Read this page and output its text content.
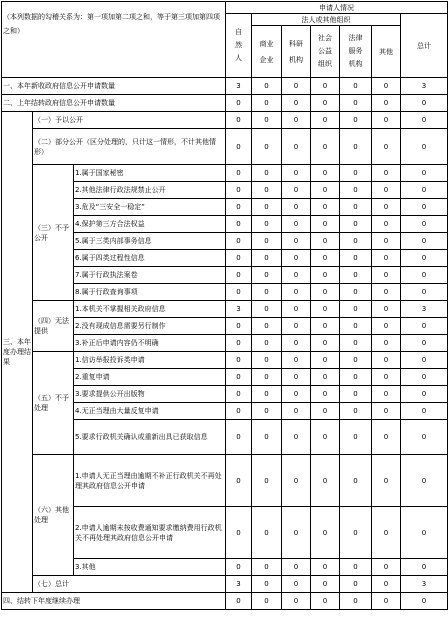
（本列数据的勾稽关系为：第一项加第二项之和，等于第三项加第四项之和）			申请人情况						
			自然人	法人或其他组织					总计
				商业企业	科研机构	社会公益组织	法律服务机构	其他	
一、本年新收政府信息公开申请数量			3	0	0	0	0	0	3
二、上年结转政府信息公开申请数量			0	0	0	0	0	0	0
三、本年度办理结果	（一）予以公开		0	0	0	0	0	0	0
	（二）部分公开（区分处理的，只计这一情形，不计其他情形）		0	0	0	0	0	0	0
	（三）不予公开	1.属于国家秘密	0	0	0	0	0	0	0
		2.其他法律行政法规禁止公开	0	0	0	0	0	0	0
		3.危及“三安全一稳定”	0	0	0	0	0	0	0
		4.保护第三方合法权益	0	0	0	0	0	0	0
		5.属于三类内部事务信息	0	0	0	0	0	0	0
		6.属于四类过程性信息	0	0	0	0	0	0	0
		7.属于行政执法案卷	0	0	0	0	0	0	0
		8.属于行政查询事项	0	0	0	0	0	0	0
	（四）无法提供	1.本机关不掌握相关政府信息	3	0	0	0	0	0	3
		2.没有现成信息需要另行制作	0	0	0	0	0	0	0
		3.补正后申请内容仍不明确	0	0	0	0	0	0	0
	（五）不予处理	1.信访举报投诉类申请	0	0	0	0	0	0	0
		2.重复申请	0	0	0	0	0	0	0
		3.要求提供公开出版物	0	0	0	0	0	0	0
		4.无正当理由大量反复申请	0	0	0	0	0	0	0
		5.要求行政机关确认或重新出具已获取信息	0	0	0	0	0	0	0
	（六）其他处理	1.申请人无正当理由逾期不补正行政机关不再处理其政府信息公开申请	0	0	0	0	0	0	0
		2.申请人逾期未按收费通知要求缴纳费用行政机关不再处理其政府信息公开申请	0	0	0	0	0	0	0
		3.其他	0	0	0	0	0	0	0
	（七）总计		3	0	0	0	0	0	3
四、结转下年度继续办理			0	0	0	0	0	0	0
